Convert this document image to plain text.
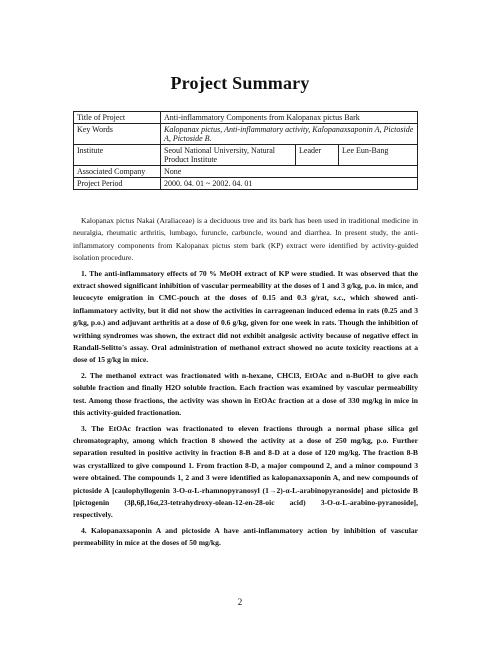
Project Summary
Title of Project	Anti-inflammatory Components from Kalopanax pictus Bark		
Key Words	Kalopanax pictus, Anti-inflammatory activity, Kalopanaxsaponin A, Pictoside A, Pictoside B.		
Institute	Seoul National University, Natural Product Institute	Leader	Lee Eun-Bang
Associated Company	None		
Project Period	2000. 04. 01 ~ 2002. 04. 01		

Kalopanax pictus Nakai (Araliaceae) is a deciduous tree and its bark has been used in traditional medicine in neuralgia, rheumatic arthritis, lumbago, furuncle, carbuncle, wound and diarrhea. In present study, the anti-inflammatory components from Kalopanax pictus stem bark (KP) extract were identified by activity-guided isolation procedure.

1. The anti-inflammatory effects of 70 % MeOH extract of KP were studied. It was observed that the extract showed significant inhibition of vascular permeability at the doses of 1 and 3 g/kg, p.o. in mice, and leucocyte emigration in CMC-pouch at the doses of 0.15 and 0.3 g/rat, s.c., which showed anti-inflammatory activity, but it did not show the activities in carrageenan induced edema in rats (0.25 and 3 g/kg, p.o.) and adjuvant arthritis at a dose of 0.6 g/kg, given for one week in rats. Though the inhibition of writhing syndromes was shown, the extract did not exhibit analgesic activity because of negative effect in Randall-Selitto's assay. Oral administration of methanol extract showed no acute toxicity reactions at a dose of 15 g/kg in mice.

2. The methanol extract was fractionated with n-hexane, CHCl3, EtOAc and n-BuOH to give each soluble fraction and finally H2O soluble fraction. Each fraction was examined by vascular permeability test. Among those fractions, the activity was shown in EtOAc fraction at a dose of 330 mg/kg in mice in this activity-guided fractionation.

3. The EtOAc fraction was fractionated to eleven fractions through a normal phase silica gel chromatography, among which fraction 8 showed the activity at a dose of 250 mg/kg, p.o. Further separation resulted in positive activity in fraction 8-B and 8-D at a dose of 120 mg/kg. The fraction 8-B was crystallized to give compound 1. From fraction 8-D, a major compound 2, and a minor compound 3 were obtained. The compounds 1, 2 and 3 were identified as kalopanaxsaponin A, and new compounds of pictoside A [caulophyllogenin 3-O-α-L-rhamnopyranosyl (1→2)-α-L-arabinopyranoside] and pictoside B [pictogenin (3β,6β,16α,23-tetrahydroxy-olean-12-en-28-oic acid) 3-O-α-L-arabino-pyranoside], respectively.

4. Kalopanaxsaponin A and pictoside A have anti-inflammatory action by inhibition of vascular permeability in mice at the doses of 50 mg/kg.

2
